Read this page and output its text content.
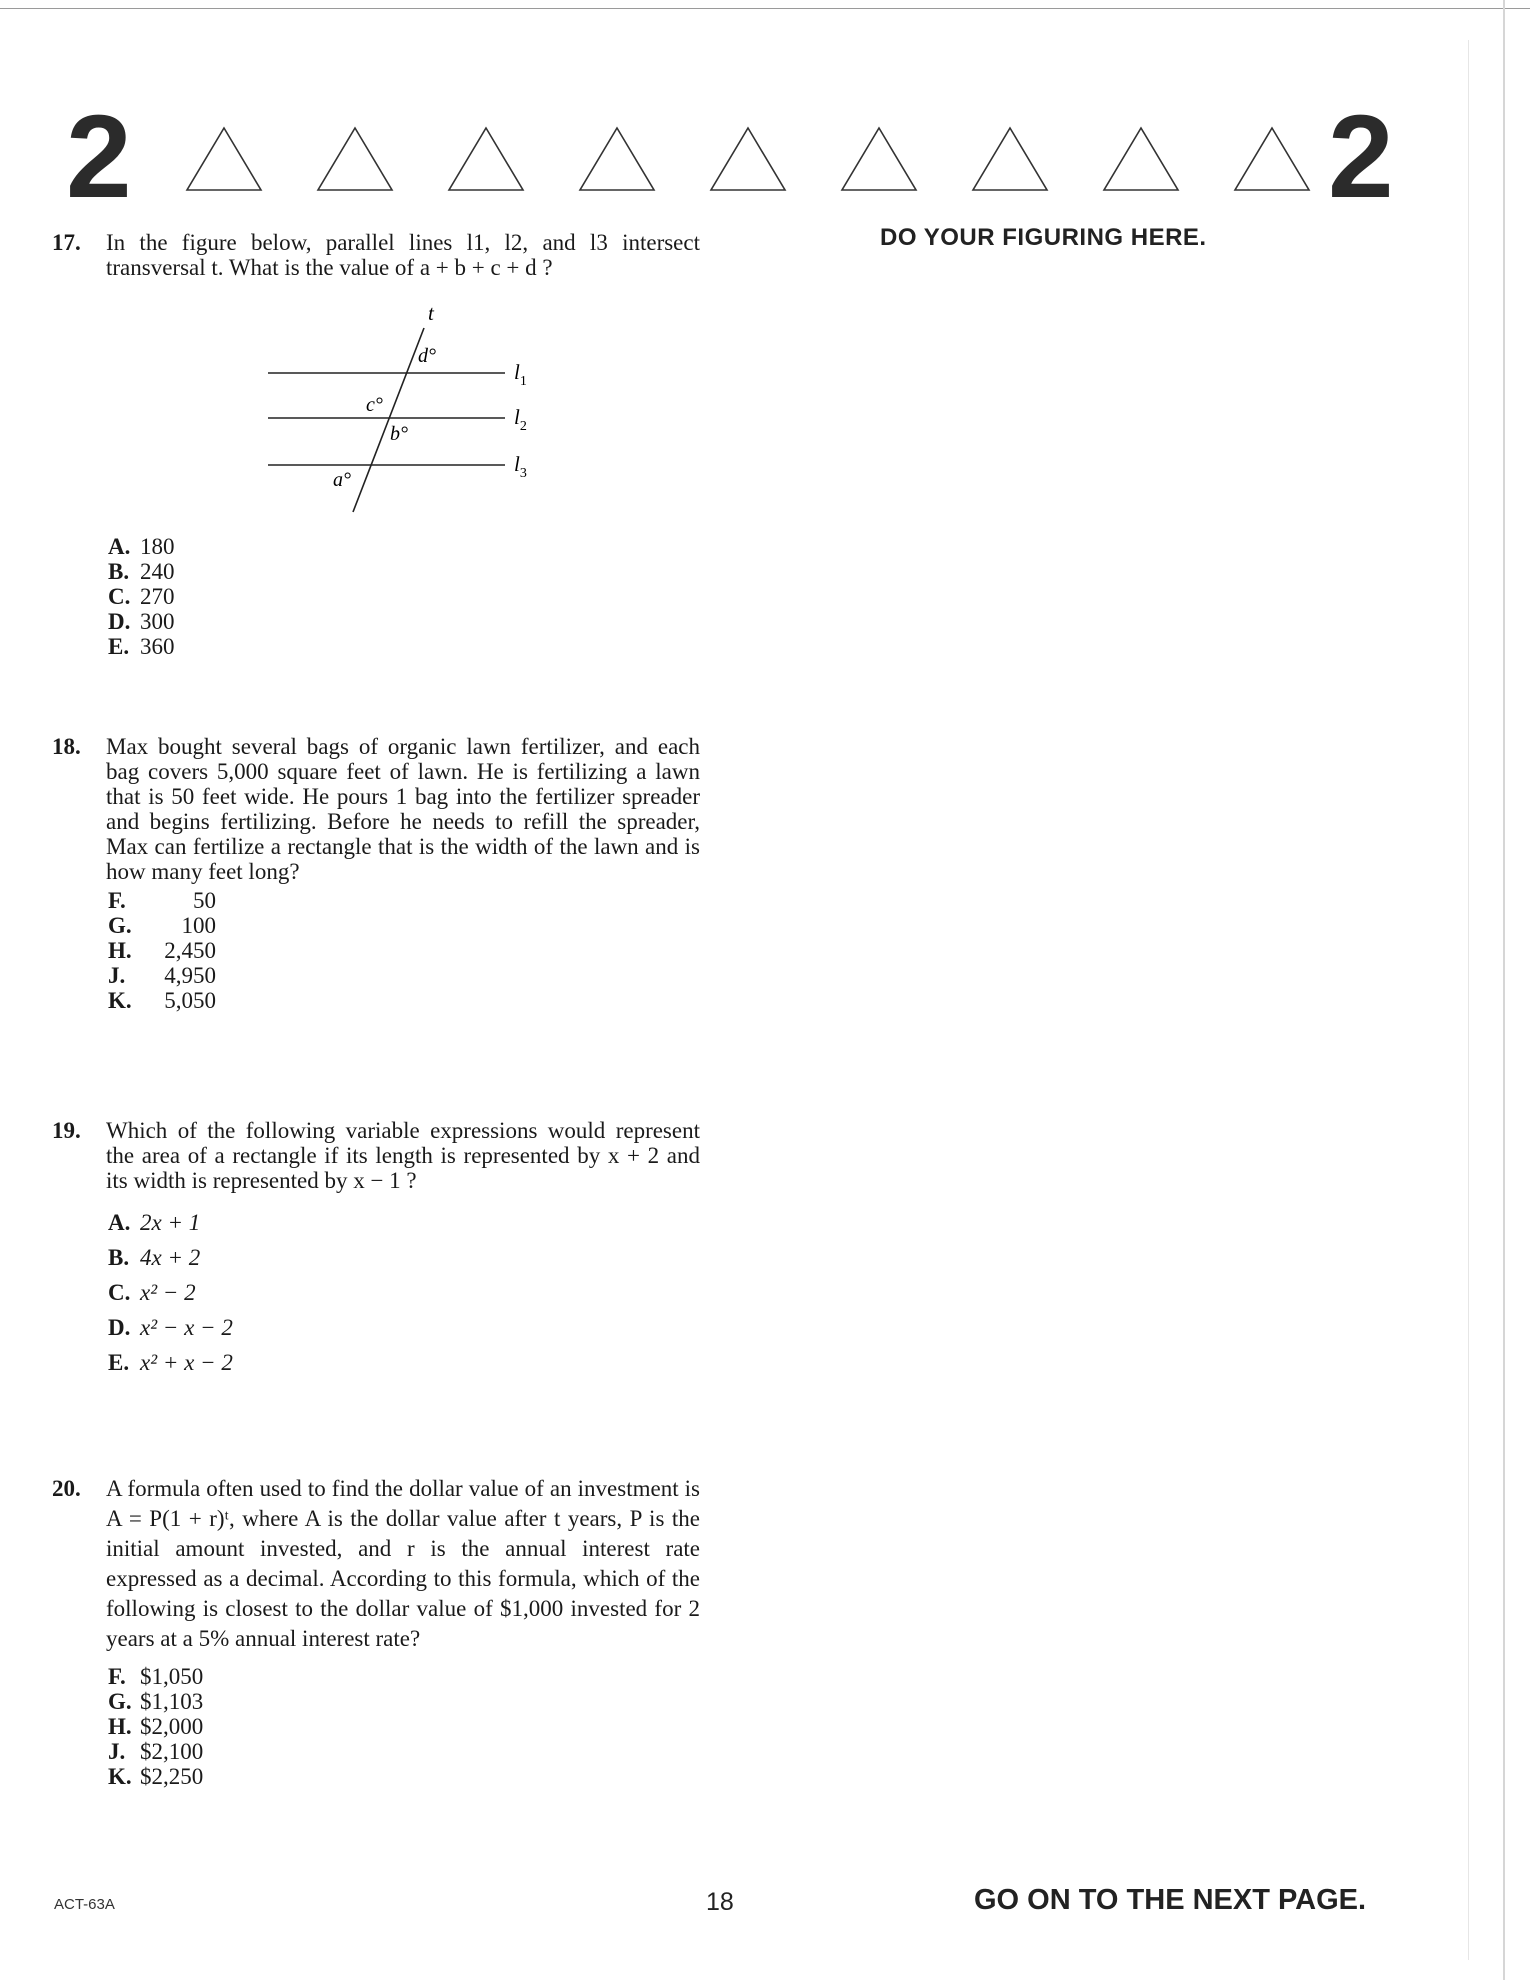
2	2
DO YOUR FIGURING HERE.
17. In the figure below, parallel lines l1, l2, and l3 intersect transversal t. What is the value of a + b + c + d ?
t
d°
c°
b°
a°
$l_1$
$l_2$
$l_3$
A. 180
B. 240
C. 270
D. 300
E. 360
18. Max bought several bags of organic lawn fertilizer, and each bag covers 5,000 square feet of lawn. He is fertilizing a lawn that is 50 feet wide. He pours 1 bag into the fertilizer spreader and begins fertilizing. Before he needs to refill the spreader, Max can fertilize a rectangle that is the width of the lawn and is how many feet long?
F.	50
G.	100
H.	2,450
J.	4,950
K.	5,050
19. Which of the following variable expressions would represent the area of a rectangle if its length is represented by x + 2 and its width is represented by x − 1 ?
A. 2x + 1
B. 4x + 2
C. x² − 2
D. x² − x − 2
E. x² + x − 2
20. A formula often used to find the dollar value of an investment is A = P(1 + r)ᵗ, where A is the dollar value after t years, P is the initial amount invested, and r is the annual interest rate expressed as a decimal. According to this formula, which of the following is closest to the dollar value of $1,000 invested for 2 years at a 5% annual interest rate?
F. $1,050
G. $1,103
H. $2,000
J. $2,100
K. $2,250
ACT-63A	18	GO ON TO THE NEXT PAGE.
